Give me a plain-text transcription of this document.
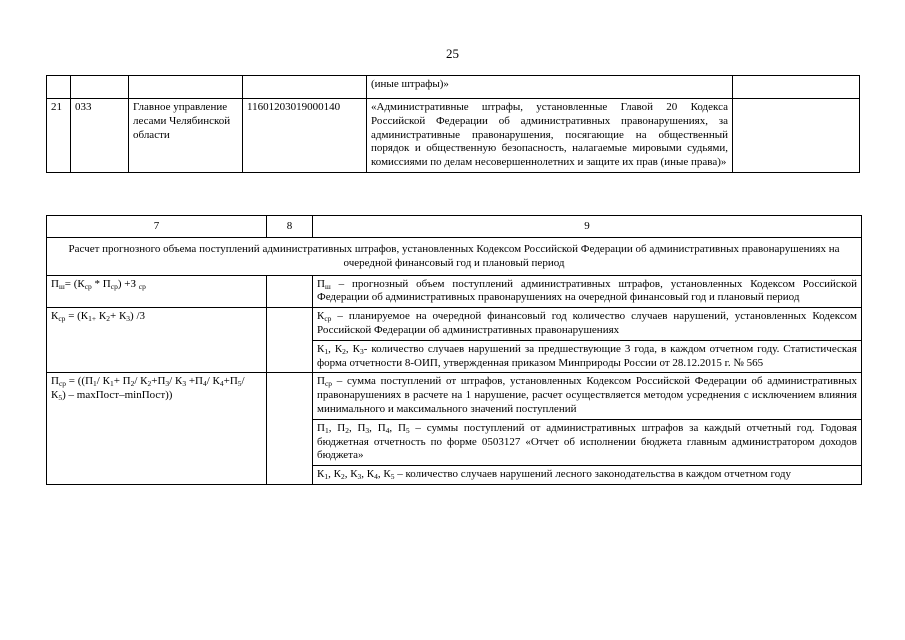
25
				(иные штрафы)»	
21	033	Главное управление лесами Челябинской области	11601203019000140	«Административные штрафы, установленные Главой 20 Кодекса Российской Федерации об административных правонарушениях, за административные правонарушения, посягающие на общественный порядок и общественную безопасность, налагаемые мировыми судьями, комиссиями по делам несовершеннолетних и защите их прав (иные права)»	
7	8	9
Расчет прогнозного объема поступлений административных штрафов, установленных Кодексом Российской Федерации об административных правонарушениях на очередной финансовый год и плановый период		
$П_ш= (К_{ср} * П_{ср}) +З$ $_{ср}$		$П_ш$ – прогнозный объем поступлений административных штрафов, установленных Кодексом Российской Федерации об административных правонарушениях на очередной финансовый год и плановый период
$К_{ср} = (К_{1+}$ $К_2+ К_3$) /3		$К_{ср}$ – планируемое на очередной финансовый год количество случаев нарушений, установленных Кодексом Российской Федерации об административных правонарушениях
		$К_1$, $К_2$, $К_3-$ количество случаев нарушений за предшествующие 3 года, в каждом отчетном году. Статистическая форма отчетности 8-ОИП, утвержденная приказом Минприроды России от 28.12.2015 г. № 565
$П_{ср} = ((П_1/$ $К_1+ П_2/$ $К_2+П_3/$ $К_3 +П_4/$ $К_4+П_5/$ $К_5$) – maxПост–minПост))		$П_{ср}$ – сумма поступлений от штрафов, установленных Кодексом Российской Федерации об административных правонарушениях в расчете на 1 нарушение, расчет осуществляется методом усреднения с исключением влияния минимального и максимального значений поступлений
		$П_1$, $П_2$, $П_3$, $П_4$, $П_5$ – суммы поступлений от административных штрафов за каждый отчетный год. Годовая бюджетная отчетность по форме 0503127 «Отчет об исполнении бюджета главным администратором доходов бюджета»
		$К_1$, $К_2$, $К_3$, $К_4$, $К_5$ – количество случаев нарушений лесного законодательства в каждом отчетном году
